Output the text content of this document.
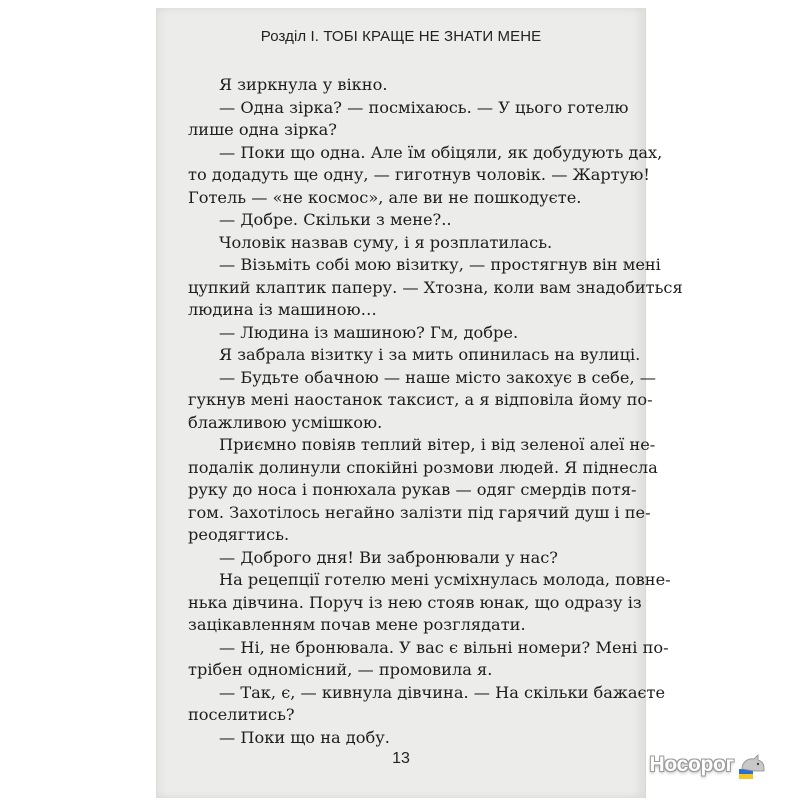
Розділ І. ТОБІ КРАЩЕ НЕ ЗНАТИ МЕНЕ
Я зиркнула у вікно.
— Одна зірка? — посміхаюсь. — У цього готелю
лише одна зірка?
— Поки що одна. Але їм обіцяли, як добудують дах,
то додадуть ще одну, — гиготнув чоловік. — Жартую!
Готель — «не космос», але ви не пошкодуєте.
— Добре. Скільки з мене?..
Чоловік назвав суму, і я розплатилась.
— Візьміть собі мою візитку, — простягнув він мені
цупкий клаптик паперу. — Хтозна, коли вам знадобиться
людина із машиною…
— Людина із машиною? Гм, добре.
Я забрала візитку і за мить опинилась на вулиці.
— Будьте обачною — наше місто закохує в себе, —
гукнув мені наостанок таксист, а я відповіла йому по-
блажливою усмішкою.
Приємно повіяв теплий вітер, і від зеленої алеї не-
подалік долинули спокійні розмови людей. Я піднесла
руку до носа і понюхала рукав — одяг смердів потя-
гом. Захотілось негайно залізти під гарячий душ і пе-
реодягтись.
— Доброго дня! Ви забронювали у нас?
На рецепції готелю мені усміхнулась молода, повне-
нька дівчина. Поруч із нею стояв юнак, що одразу із
зацікавленням почав мене розглядати.
— Ні, не бронювала. У вас є вільні номери? Мені по-
трібен одномісний, — промовила я.
— Так, є, — кивнула дівчина. — На скільки бажаєте
поселитись?
— Поки що на добу.
13	Носорог
